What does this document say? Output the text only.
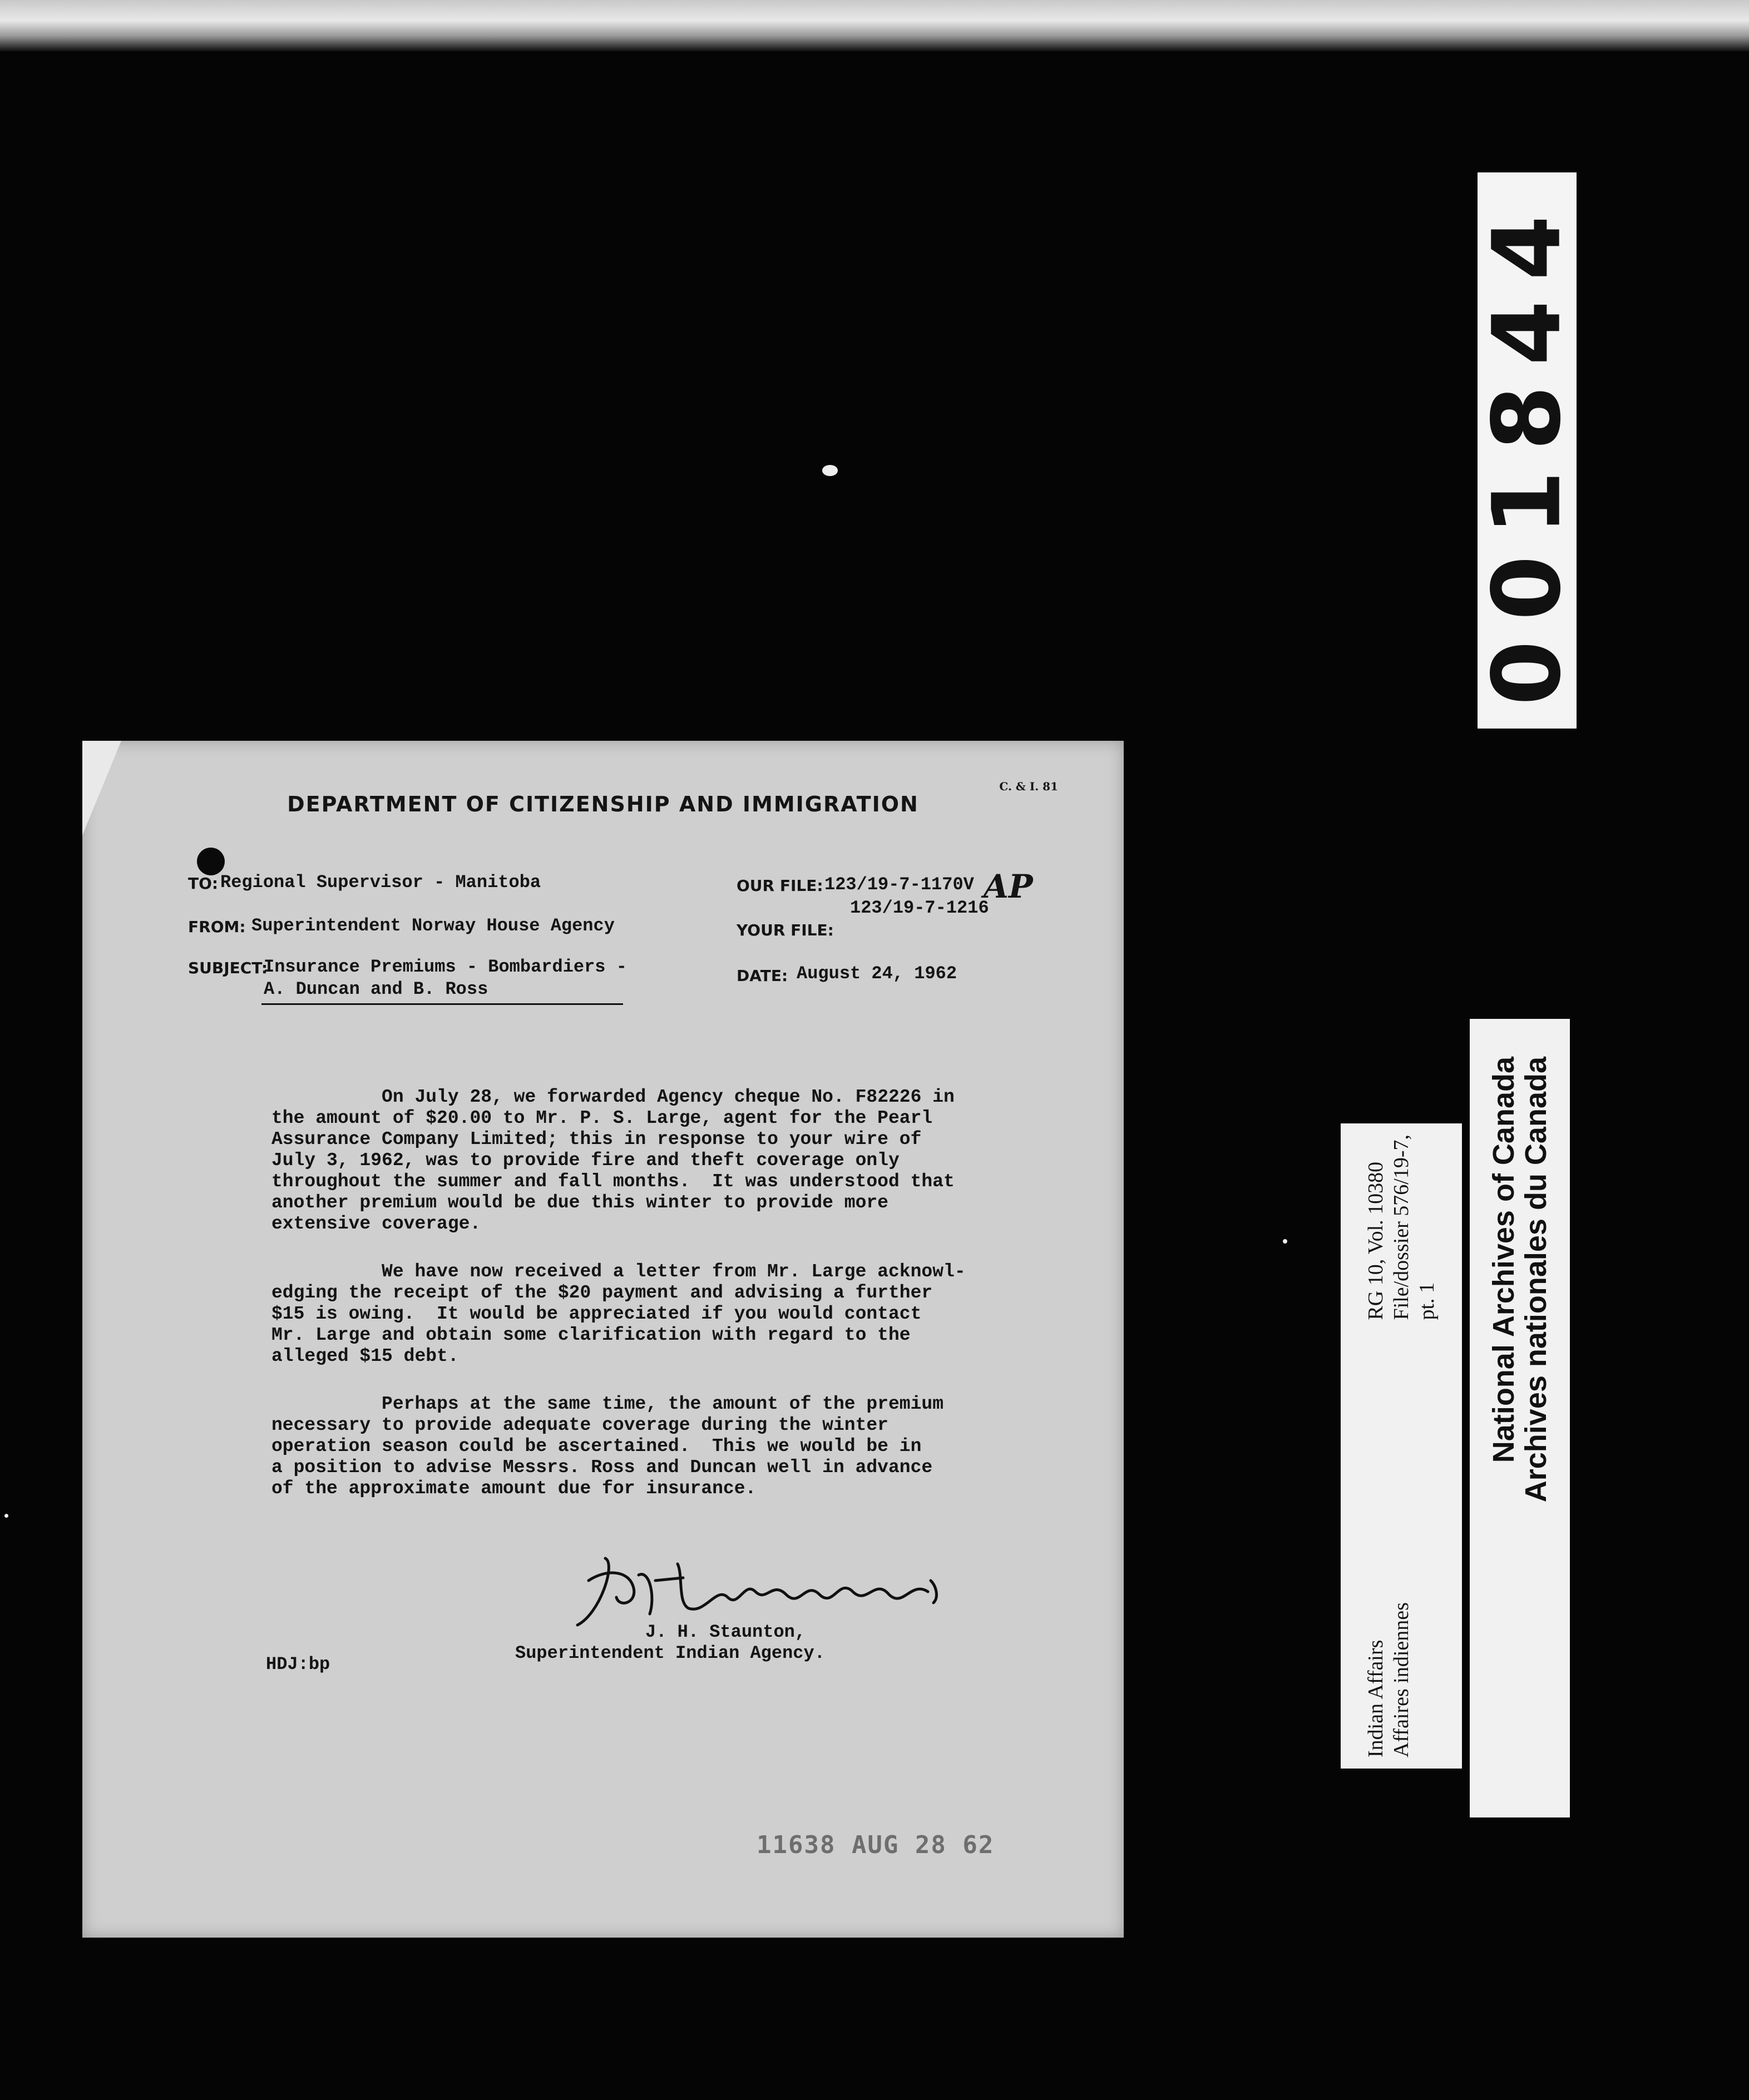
001844
C. & I. 81
DEPARTMENT OF CITIZENSHIP AND IMMIGRATION
TO: Regional Supervisor - Manitoba
FROM: Superintendent Norway House Agency
SUBJECT:
Insurance Premiums - Bombardiers -
A. Duncan and B. Ross
OUR FILE: 123/19-7-1170V
123/19-7-1216
AP
YOUR FILE:
DATE: August 24, 1962

On July 28, we forwarded Agency cheque No. F82226 in
the amount of $20.00 to Mr. P. S. Large, agent for the Pearl
Assurance Company Limited; this in response to your wire of
July 3, 1962, was to provide fire and theft coverage only
throughout the summer and fall months.  It was understood that
another premium would be due this winter to provide more
extensive coverage.

We have now received a letter from Mr. Large acknowl-
edging the receipt of the $20 payment and advising a further
$15 is owing.  It would be appreciated if you would contact
Mr. Large and obtain some clarification with regard to the
alleged $15 debt.

Perhaps at the same time, the amount of the premium
necessary to provide adequate coverage during the winter
operation season could be ascertained.  This we would be in
a position to advise Messrs. Ross and Duncan well in advance
of the approximate amount due for insurance.

J. H. Staunton,
Superintendent Indian Agency.
HDJ:bp
11638 AUG 28 62
Indian Affairs Affaires indiennes
RG 10, Vol. 10380 File/dossier 576/19-7, pt. 1 National Archives of Canada
Archives nationales du Canada
